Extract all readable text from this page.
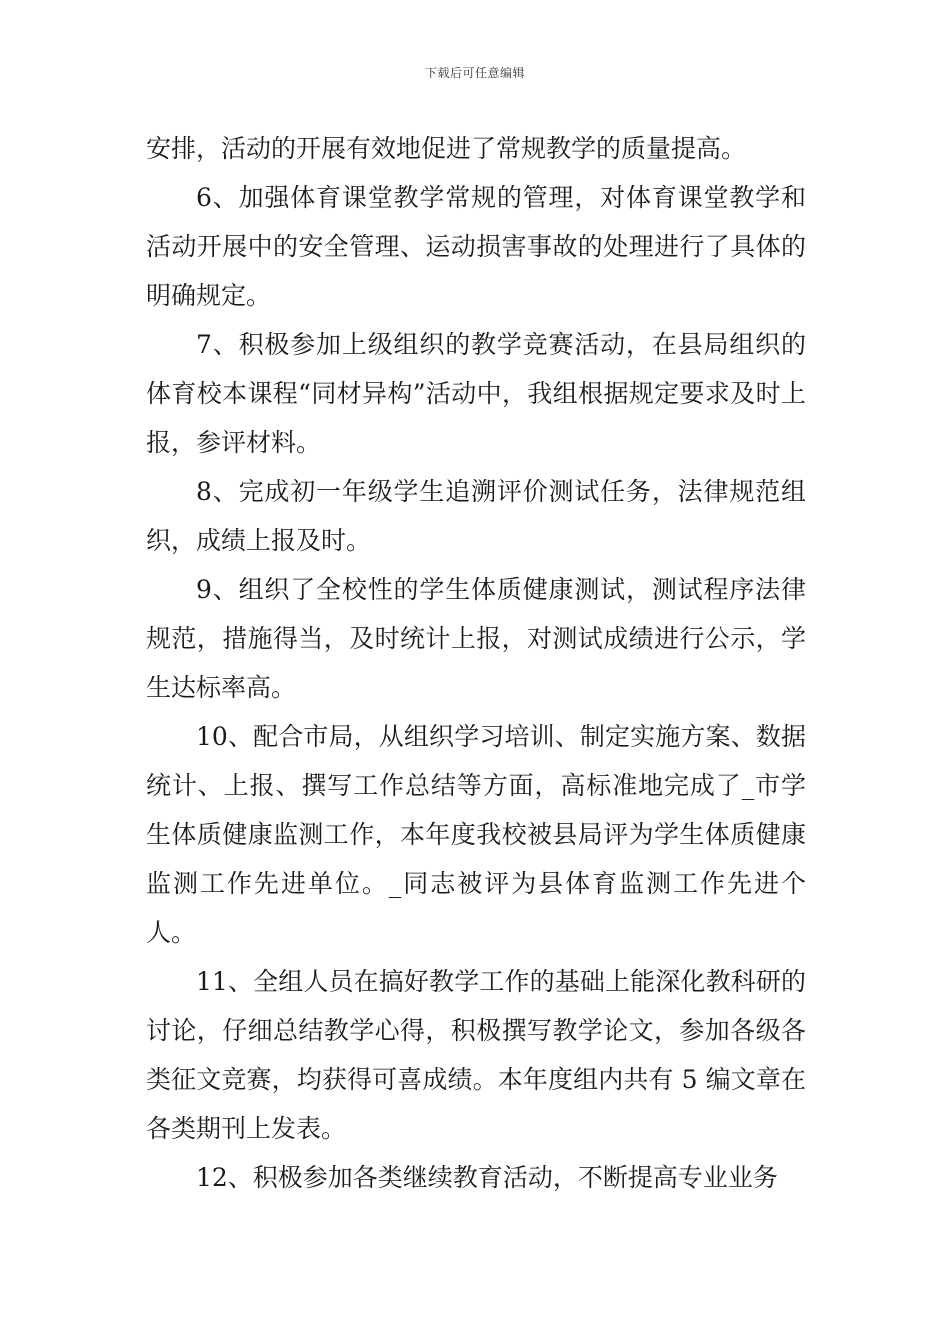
下载后可任意编辑

安排，活动的开展有效地促进了常规教学的质量提高。

6、加强体育课堂教学常规的管理，对体育课堂教学和活动开展中的安全管理、运动损害事故的处理进行了具体的明确规定。

7、积极参加上级组织的教学竞赛活动，在县局组织的体育校本课程“同材异构”活动中，我组根据规定要求及时上报，参评材料。

8、完成初一年级学生追溯评价测试任务，法律规范组织，成绩上报及时。

9、组织了全校性的学生体质健康测试，测试程序法律规范，措施得当，及时统计上报，对测试成绩进行公示，学生达标率高。

10、配合市局，从组织学习培训、制定实施方案、数据统计、上报、撰写工作总结等方面，高标准地完成了_市学生体质健康监测工作，本年度我校被县局评为学生体质健康监测工作先进单位。_同志被评为县体育监测工作先进个人。

11、全组人员在搞好教学工作的基础上能深化教科研的讨论，仔细总结教学心得，积极撰写教学论文，参加各级各类征文竞赛，均获得可喜成绩。本年度组内共有 5 编文章在各类期刊上发表。

12、积极参加各类继续教育活动，不断提高专业业务
